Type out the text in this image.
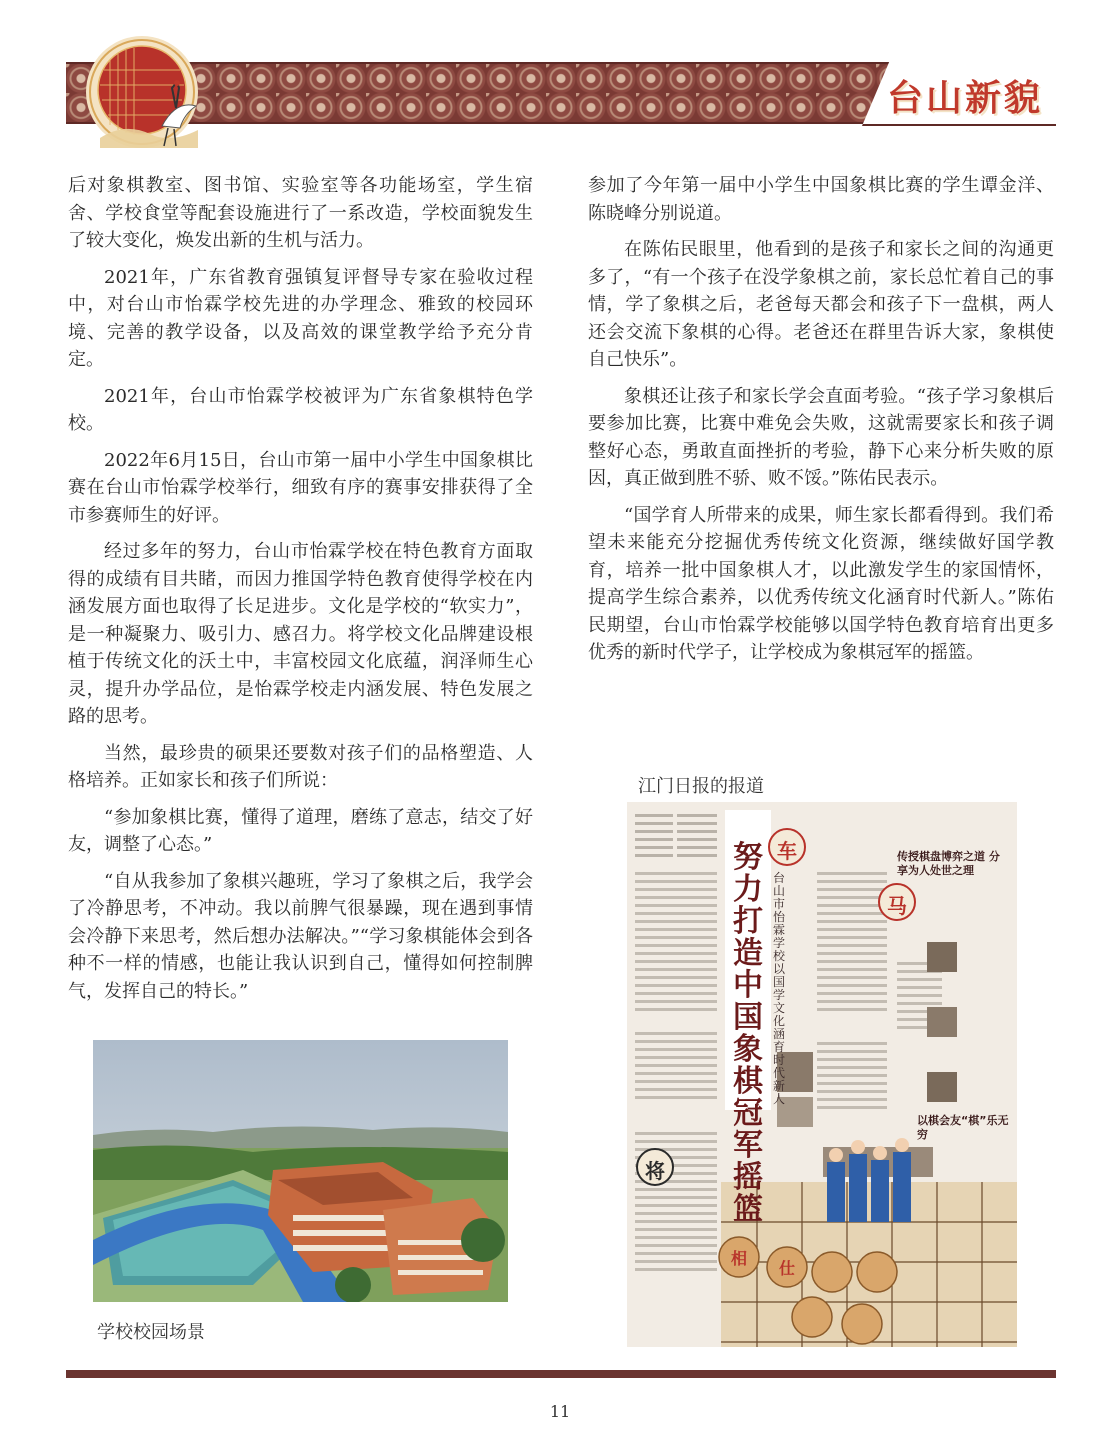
台山新貌

后对象棋教室、图书馆、实验室等各功能场室，学生宿舍、学校食堂等配套设施进行了一系改造，学校面貌发生了较大变化，焕发出新的生机与活力。

2021年，广东省教育强镇复评督导专家在验收过程中，对台山市怡霖学校先进的办学理念、雅致的校园环境、完善的教学设备，以及高效的课堂教学给予充分肯定。

2021年，台山市怡霖学校被评为广东省象棋特色学校。

2022年6月15日，台山市第一届中小学生中国象棋比赛在台山市怡霖学校举行，细致有序的赛事安排获得了全市参赛师生的好评。

经过多年的努力，台山市怡霖学校在特色教育方面取得的成绩有目共睹，而因力推国学特色教育使得学校在内涵发展方面也取得了长足进步。文化是学校的“软实力”，是一种凝聚力、吸引力、感召力。将学校文化品牌建设根植于传统文化的沃土中，丰富校园文化底蕴，润泽师生心灵，提升办学品位，是怡霖学校走内涵发展、特色发展之路的思考。

当然，最珍贵的硕果还要数对孩子们的品格塑造、人格培养。正如家长和孩子们所说：

“参加象棋比赛，懂得了道理，磨练了意志，结交了好友，调整了心态。”

“自从我参加了象棋兴趣班，学习了象棋之后，我学会了冷静思考，不冲动。我以前脾气很暴躁，现在遇到事情会冷静下来思考，然后想办法解决。”“学习象棋能体会到各种不一样的情感，也能让我认识到自己，懂得如何控制脾气，发挥自己的特长。”

参加了今年第一届中小学生中国象棋比赛的学生谭金洋、陈晓峰分别说道。

在陈佑民眼里，他看到的是孩子和家长之间的沟通更多了，“有一个孩子在没学象棋之前，家长总忙着自己的事情，学了象棋之后，老爸每天都会和孩子下一盘棋，两人还会交流下象棋的心得。老爸还在群里告诉大家，象棋使自己快乐”。

象棋还让孩子和家长学会直面考验。“孩子学习象棋后要参加比赛，比赛中难免会失败，这就需要家长和孩子调整好心态，勇敢直面挫折的考验，静下心来分析失败的原因，真正做到胜不骄、败不馁。”陈佑民表示。

“国学育人所带来的成果，师生家长都看得到。我们希望未来能充分挖掘优秀传统文化资源，继续做好国学教育，培养一批中国象棋人才，以此激发学生的家国情怀，提高学生综合素养，以优秀传统文化涵育时代新人。”陈佑民期望，台山市怡霖学校能够以国学特色教育培育出更多优秀的新时代学子，让学校成为象棋冠军的摇篮。

学校校园场景
江门日报的报道
努力打造中国象棋冠军摇篮
台山市怡霖学校以国学文化涵育时代新人
传授棋盘博弈之道 分享为人处世之理
以棋会友“棋”乐无穷
车
马
将
相
仕
11
